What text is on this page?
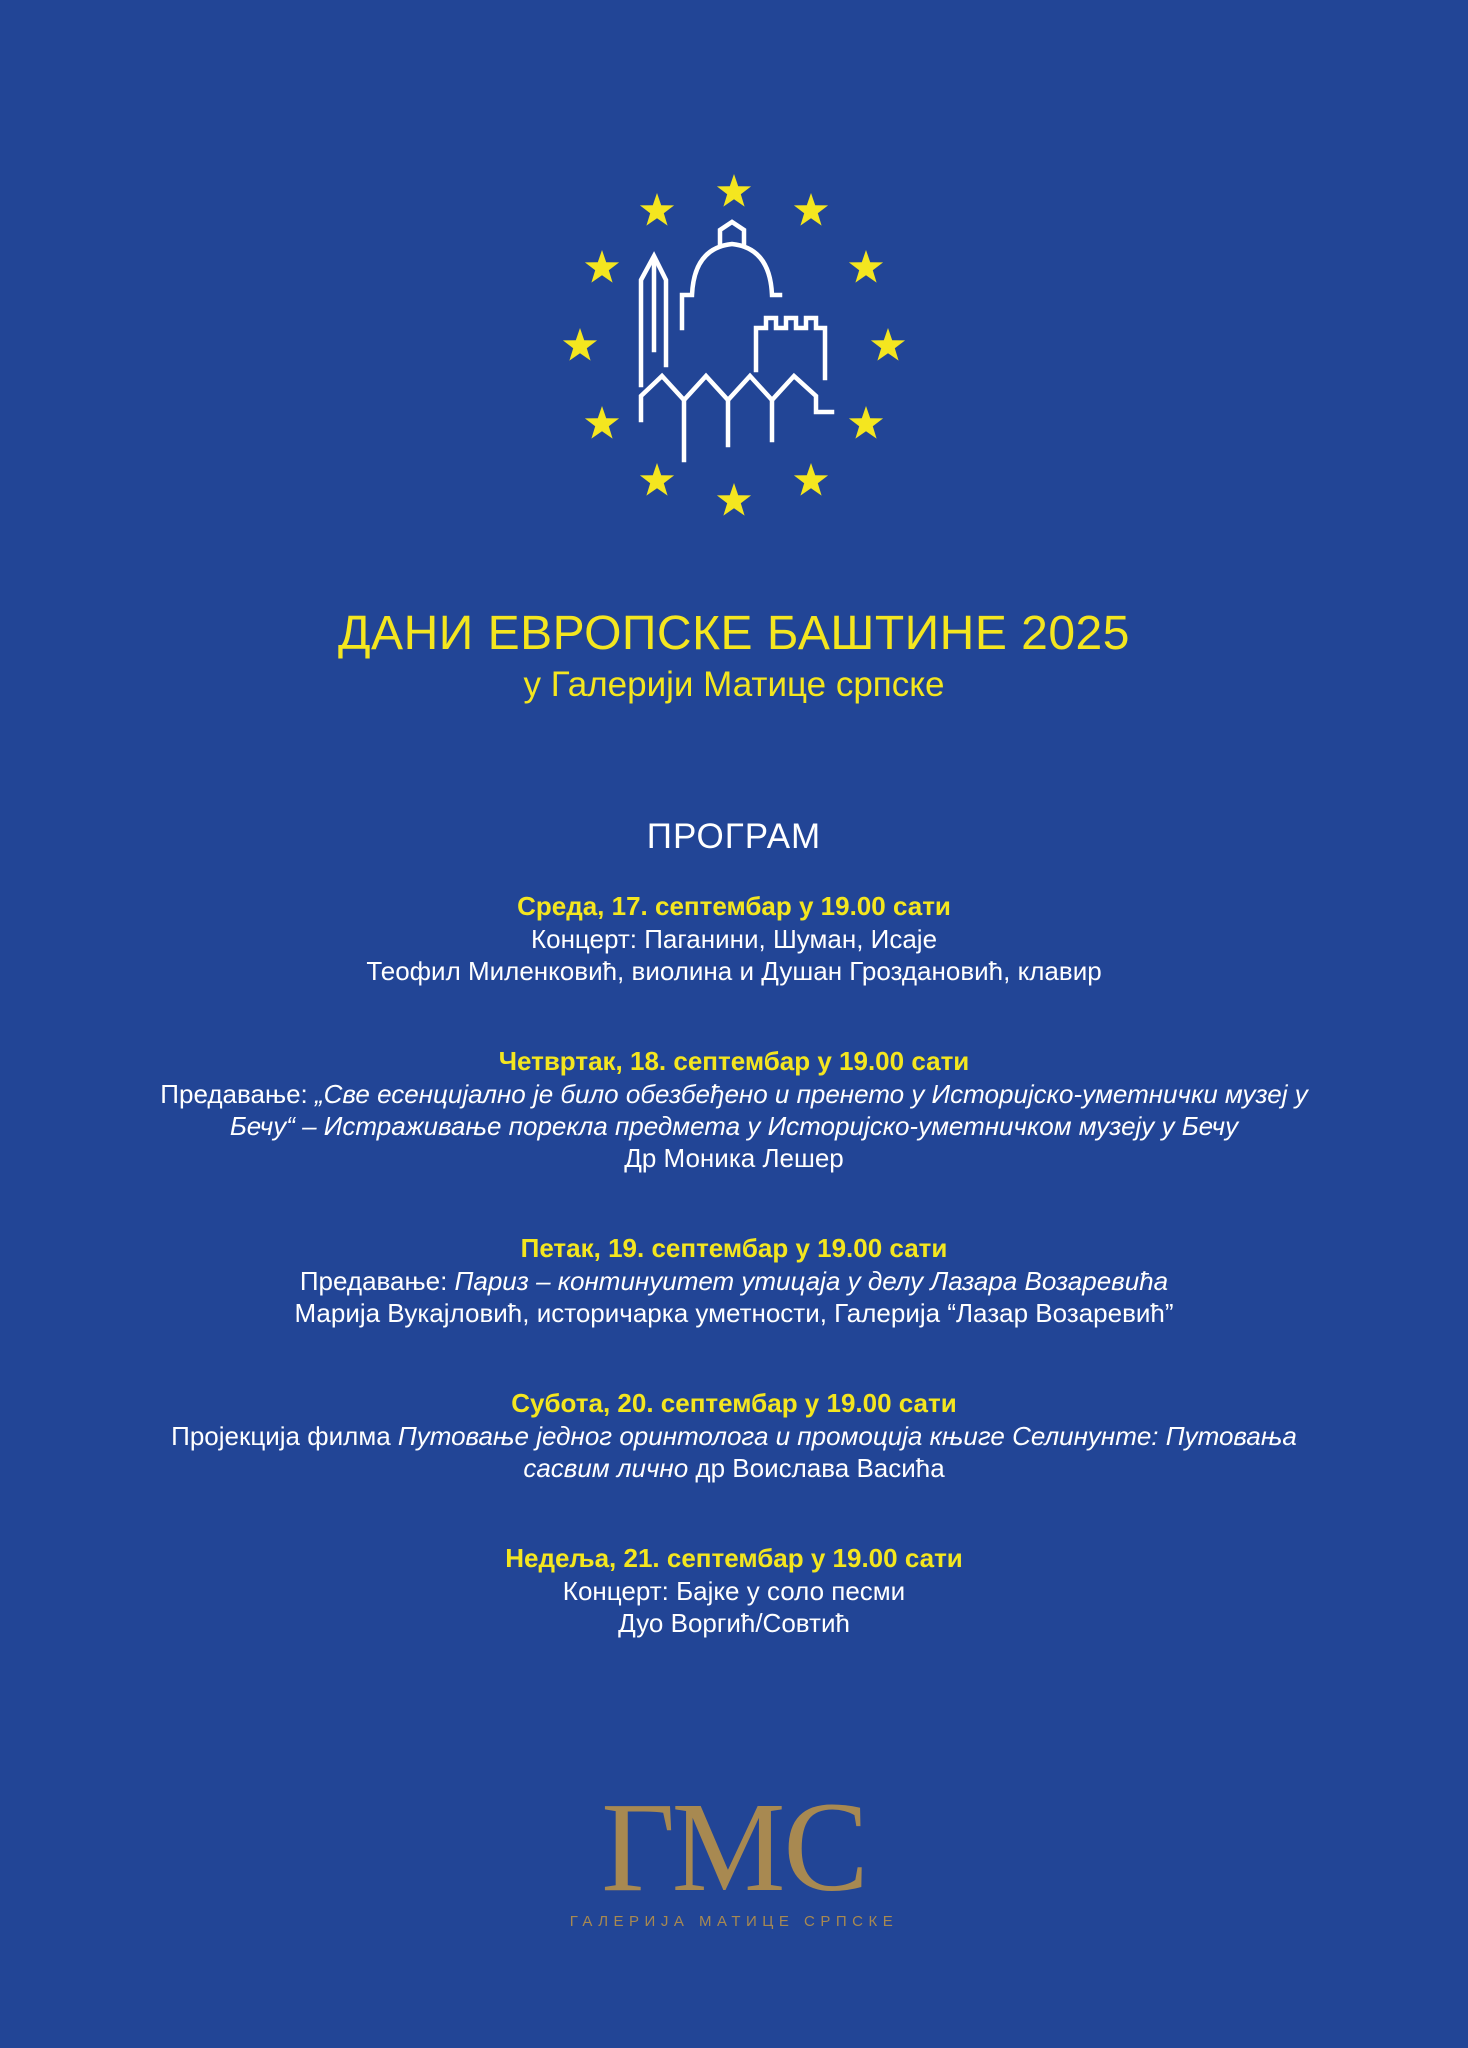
ДАНИ ЕВРОПСКЕ БАШТИНЕ 2025
у Галерији Матице српске
ПРОГРАМ
Среда, 17. септембар у 19.00 сати
Концерт: Паганини, Шуман, Исаје
Теофил Миленковић, виолина и Душан Гроздановић, клавир
Четвртак, 18. септембар у 19.00 сати
Предавање: „Све есенцијално је било обезбеђено и пренето у Историјско-уметнички музеј у
Бечу“ – Истраживање порекла предмета у Историјско-уметничком музеју у Бечу
Др Моника Лешер
Петак, 19. септембар у 19.00 сати
Предавање: Париз – континуитет утицаја у делу Лазара Возаревића
Марија Вукајловић, историчарка уметности, Галерија “Лазар Возаревић”
Субота, 20. септембар у 19.00 сати
Пројекција филма Путовање једног оринтолога и промоција књиге Селинунте: Путовања
сасвим лично др Воислава Васића
Недеља, 21. септембар у 19.00 сати
Концерт: Бајке у соло песми
Дуо Воргић/Совтић
ГМС
ГАЛЕРИЈА МАТИЦЕ СРПСКЕ
